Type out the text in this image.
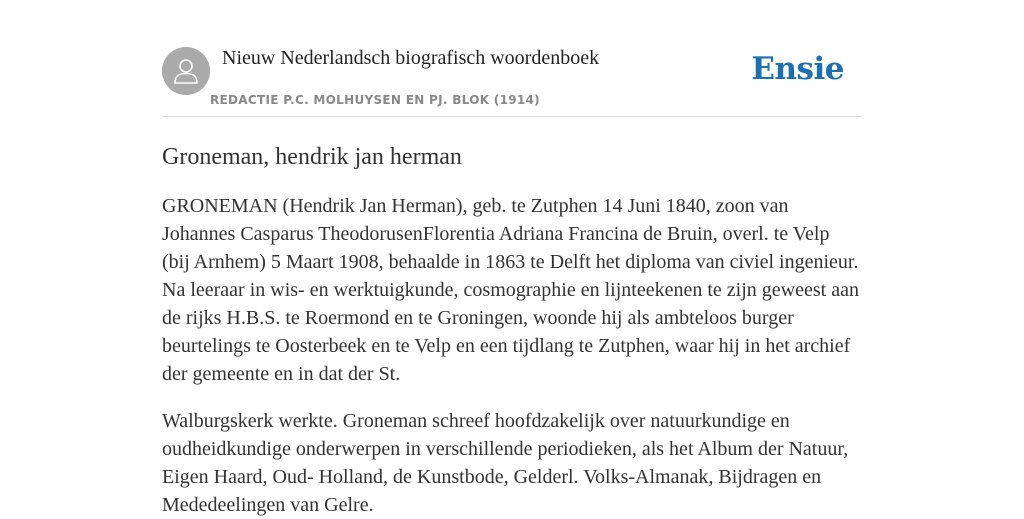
Nieuw Nederlandsch biografisch woordenboek
REDACTIE P.C. MOLHUYSEN EN PJ. BLOK (1914)
Ensie
Groneman, hendrik jan herman

GRONEMAN (Hendrik Jan Herman), geb. te Zutphen 14 Juni 1840, zoon van Johannes Casparus TheodorusenFlorentia Adriana Francina de Bruin, overl. te Velp (bij Arnhem) 5 Maart 1908, behaalde in 1863 te Delft het diploma van civiel ingenieur. Na leeraar in wis- en werktuigkunde, cosmographie en lijnteekenen te zijn geweest aan de rijks H.B.S. te Roermond en te Groningen, woonde hij als ambteloos burger beurtelings te Oosterbeek en te Velp en een tijdlang te Zutphen, waar hij in het archief der gemeente en in dat der St.

Walburgskerk werkte. Groneman schreef hoofdzakelijk over natuurkundige en oudheidkundige onderwerpen in verschillende periodieken, als het Album der Natuur, Eigen Haard, Oud- Holland, de Kunstbode, Gelderl. Volks-Almanak, Bijdragen en Mededeelingen van Gelre.
